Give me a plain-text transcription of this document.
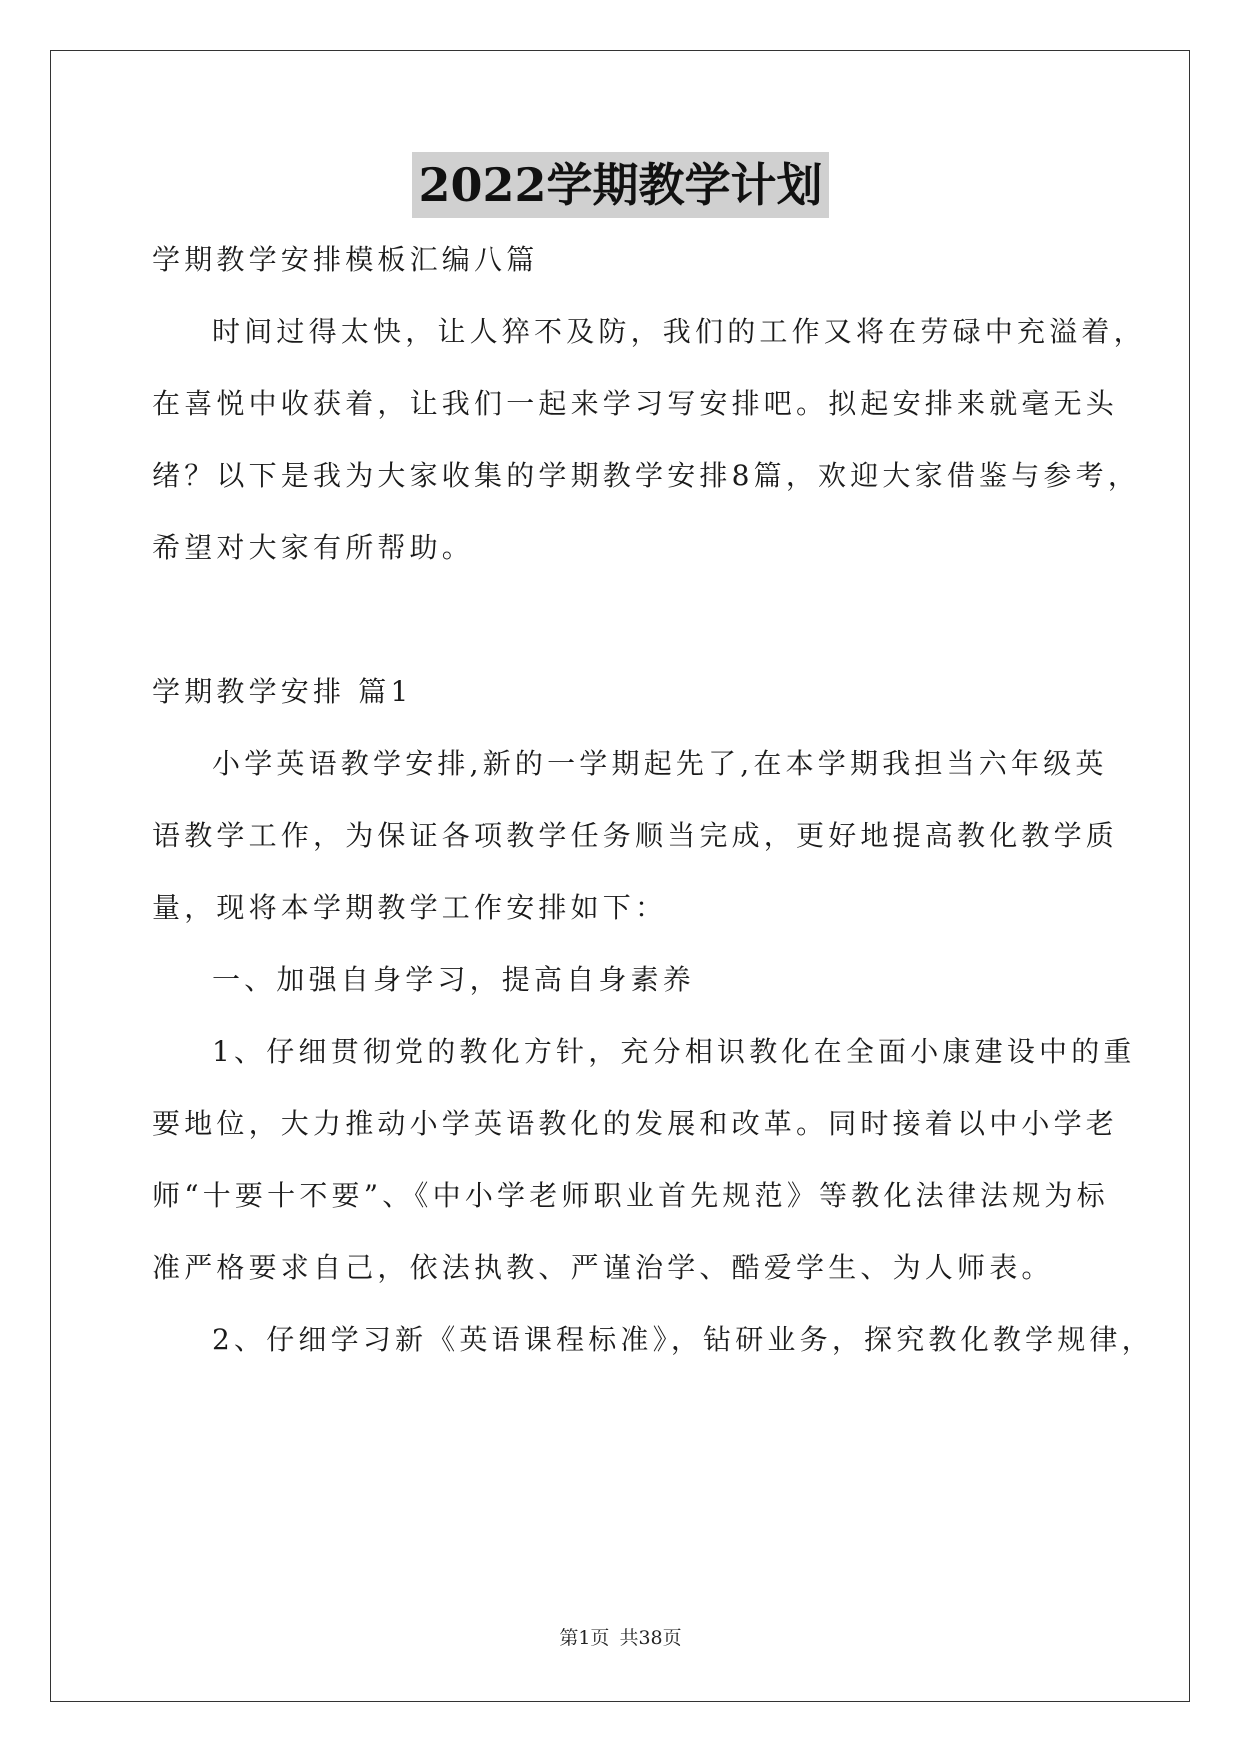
2022学期教学计划
学期教学安排模板汇编八篇
时间过得太快，让人猝不及防，我们的工作又将在劳碌中充溢着，
在喜悦中收获着，让我们一起来学习写安排吧。拟起安排来就毫无头
绪？以下是我为大家收集的学期教学安排8篇，欢迎大家借鉴与参考，
希望对大家有所帮助。
学期教学安排 篇1
小学英语教学安排,新的一学期起先了,在本学期我担当六年级英
语教学工作，为保证各项教学任务顺当完成，更好地提高教化教学质
量，现将本学期教学工作安排如下：
一、加强自身学习，提高自身素养
1、仔细贯彻党的教化方针，充分相识教化在全面小康建设中的重
要地位，大力推动小学英语教化的发展和改革。同时接着以中小学老
师“十要十不要”、《中小学老师职业首先规范》等教化法律法规为标
准严格要求自己，依法执教、严谨治学、酷爱学生、为人师表。
2、仔细学习新《英语课程标准》，钻研业务，探究教化教学规律，
第1页 共38页
